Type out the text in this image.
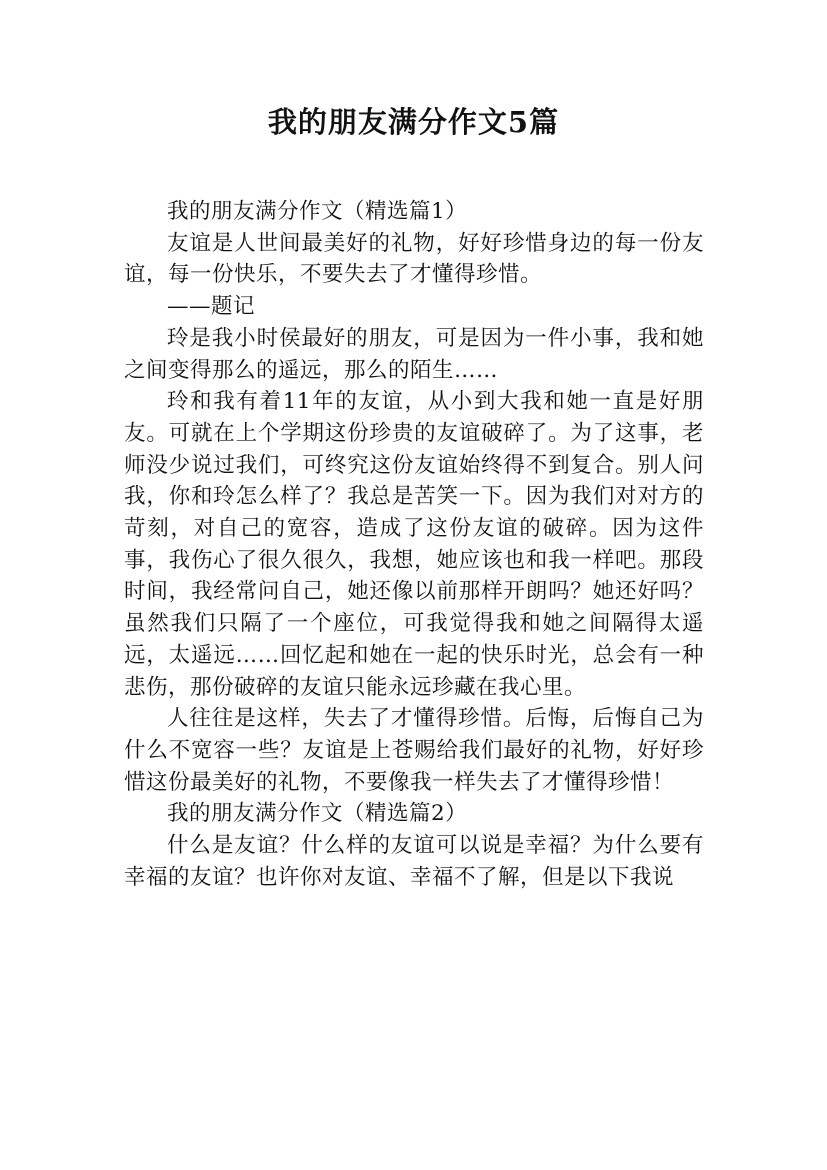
我的朋友满分作文5篇

我的朋友满分作文（精选篇1）

友谊是人世间最美好的礼物，好好珍惜身边的每一份友谊，每一份快乐，不要失去了才懂得珍惜。

——题记

玲是我小时侯最好的朋友，可是因为一件小事，我和她之间变得那么的遥远，那么的陌生……

玲和我有着11年的友谊，从小到大我和她一直是好朋友。可就在上个学期这份珍贵的友谊破碎了。为了这事，老师没少说过我们，可终究这份友谊始终得不到复合。别人问我，你和玲怎么样了？我总是苦笑一下。因为我们对对方的苛刻，对自己的宽容，造成了这份友谊的破碎。因为这件事，我伤心了很久很久，我想，她应该也和我一样吧。那段时间，我经常问自己，她还像以前那样开朗吗？她还好吗？虽然我们只隔了一个座位，可我觉得我和她之间隔得太遥远，太遥远……回忆起和她在一起的快乐时光，总会有一种悲伤，那份破碎的友谊只能永远珍藏在我心里。

人往往是这样，失去了才懂得珍惜。后悔，后悔自己为什么不宽容一些？友谊是上苍赐给我们最好的礼物，好好珍惜这份最美好的礼物，不要像我一样失去了才懂得珍惜！

我的朋友满分作文（精选篇2）

什么是友谊？什么样的友谊可以说是幸福？为什么要有幸福的友谊？也许你对友谊、幸福不了解，但是以下我说
